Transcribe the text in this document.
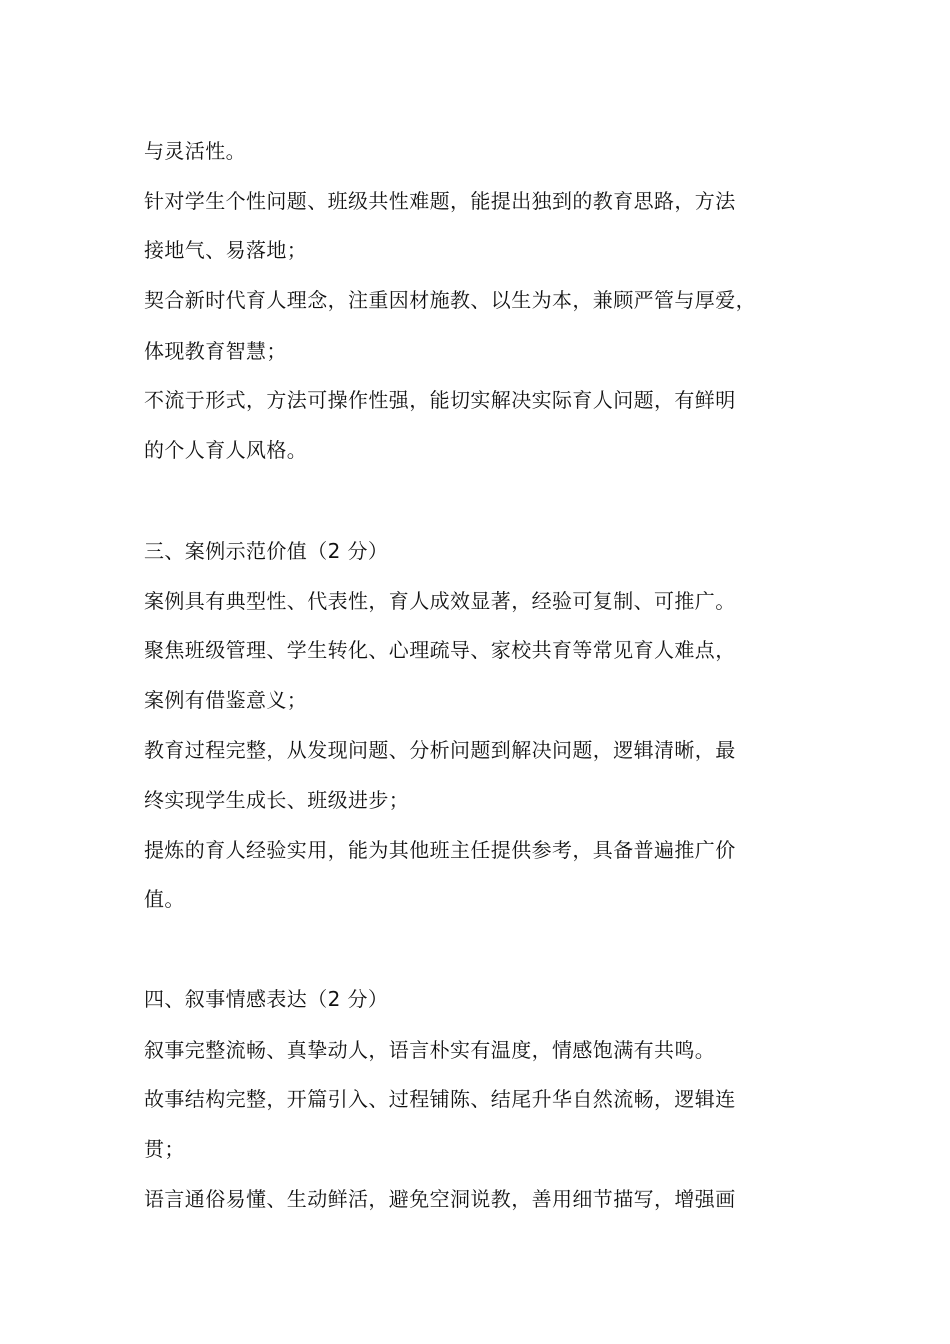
与灵活性。
针对学生个性问题、班级共性难题，能提出独到的教育思路，方法
接地气、易落地；
契合新时代育人理念，注重因材施教、以生为本，兼顾严管与厚爱，
体现教育智慧；
不流于形式，方法可操作性强，能切实解决实际育人问题，有鲜明
的个人育人风格。
三、案例示范价值（2 分）
案例具有典型性、代表性，育人成效显著，经验可复制、可推广。
聚焦班级管理、学生转化、心理疏导、家校共育等常见育人难点，
案例有借鉴意义；
教育过程完整，从发现问题、分析问题到解决问题，逻辑清晰，最
终实现学生成长、班级进步；
提炼的育人经验实用，能为其他班主任提供参考，具备普遍推广价
值。
四、叙事情感表达（2 分）
叙事完整流畅、真挚动人，语言朴实有温度，情感饱满有共鸣。
故事结构完整，开篇引入、过程铺陈、结尾升华自然流畅，逻辑连
贯；
语言通俗易懂、生动鲜活，避免空洞说教，善用细节描写，增强画
